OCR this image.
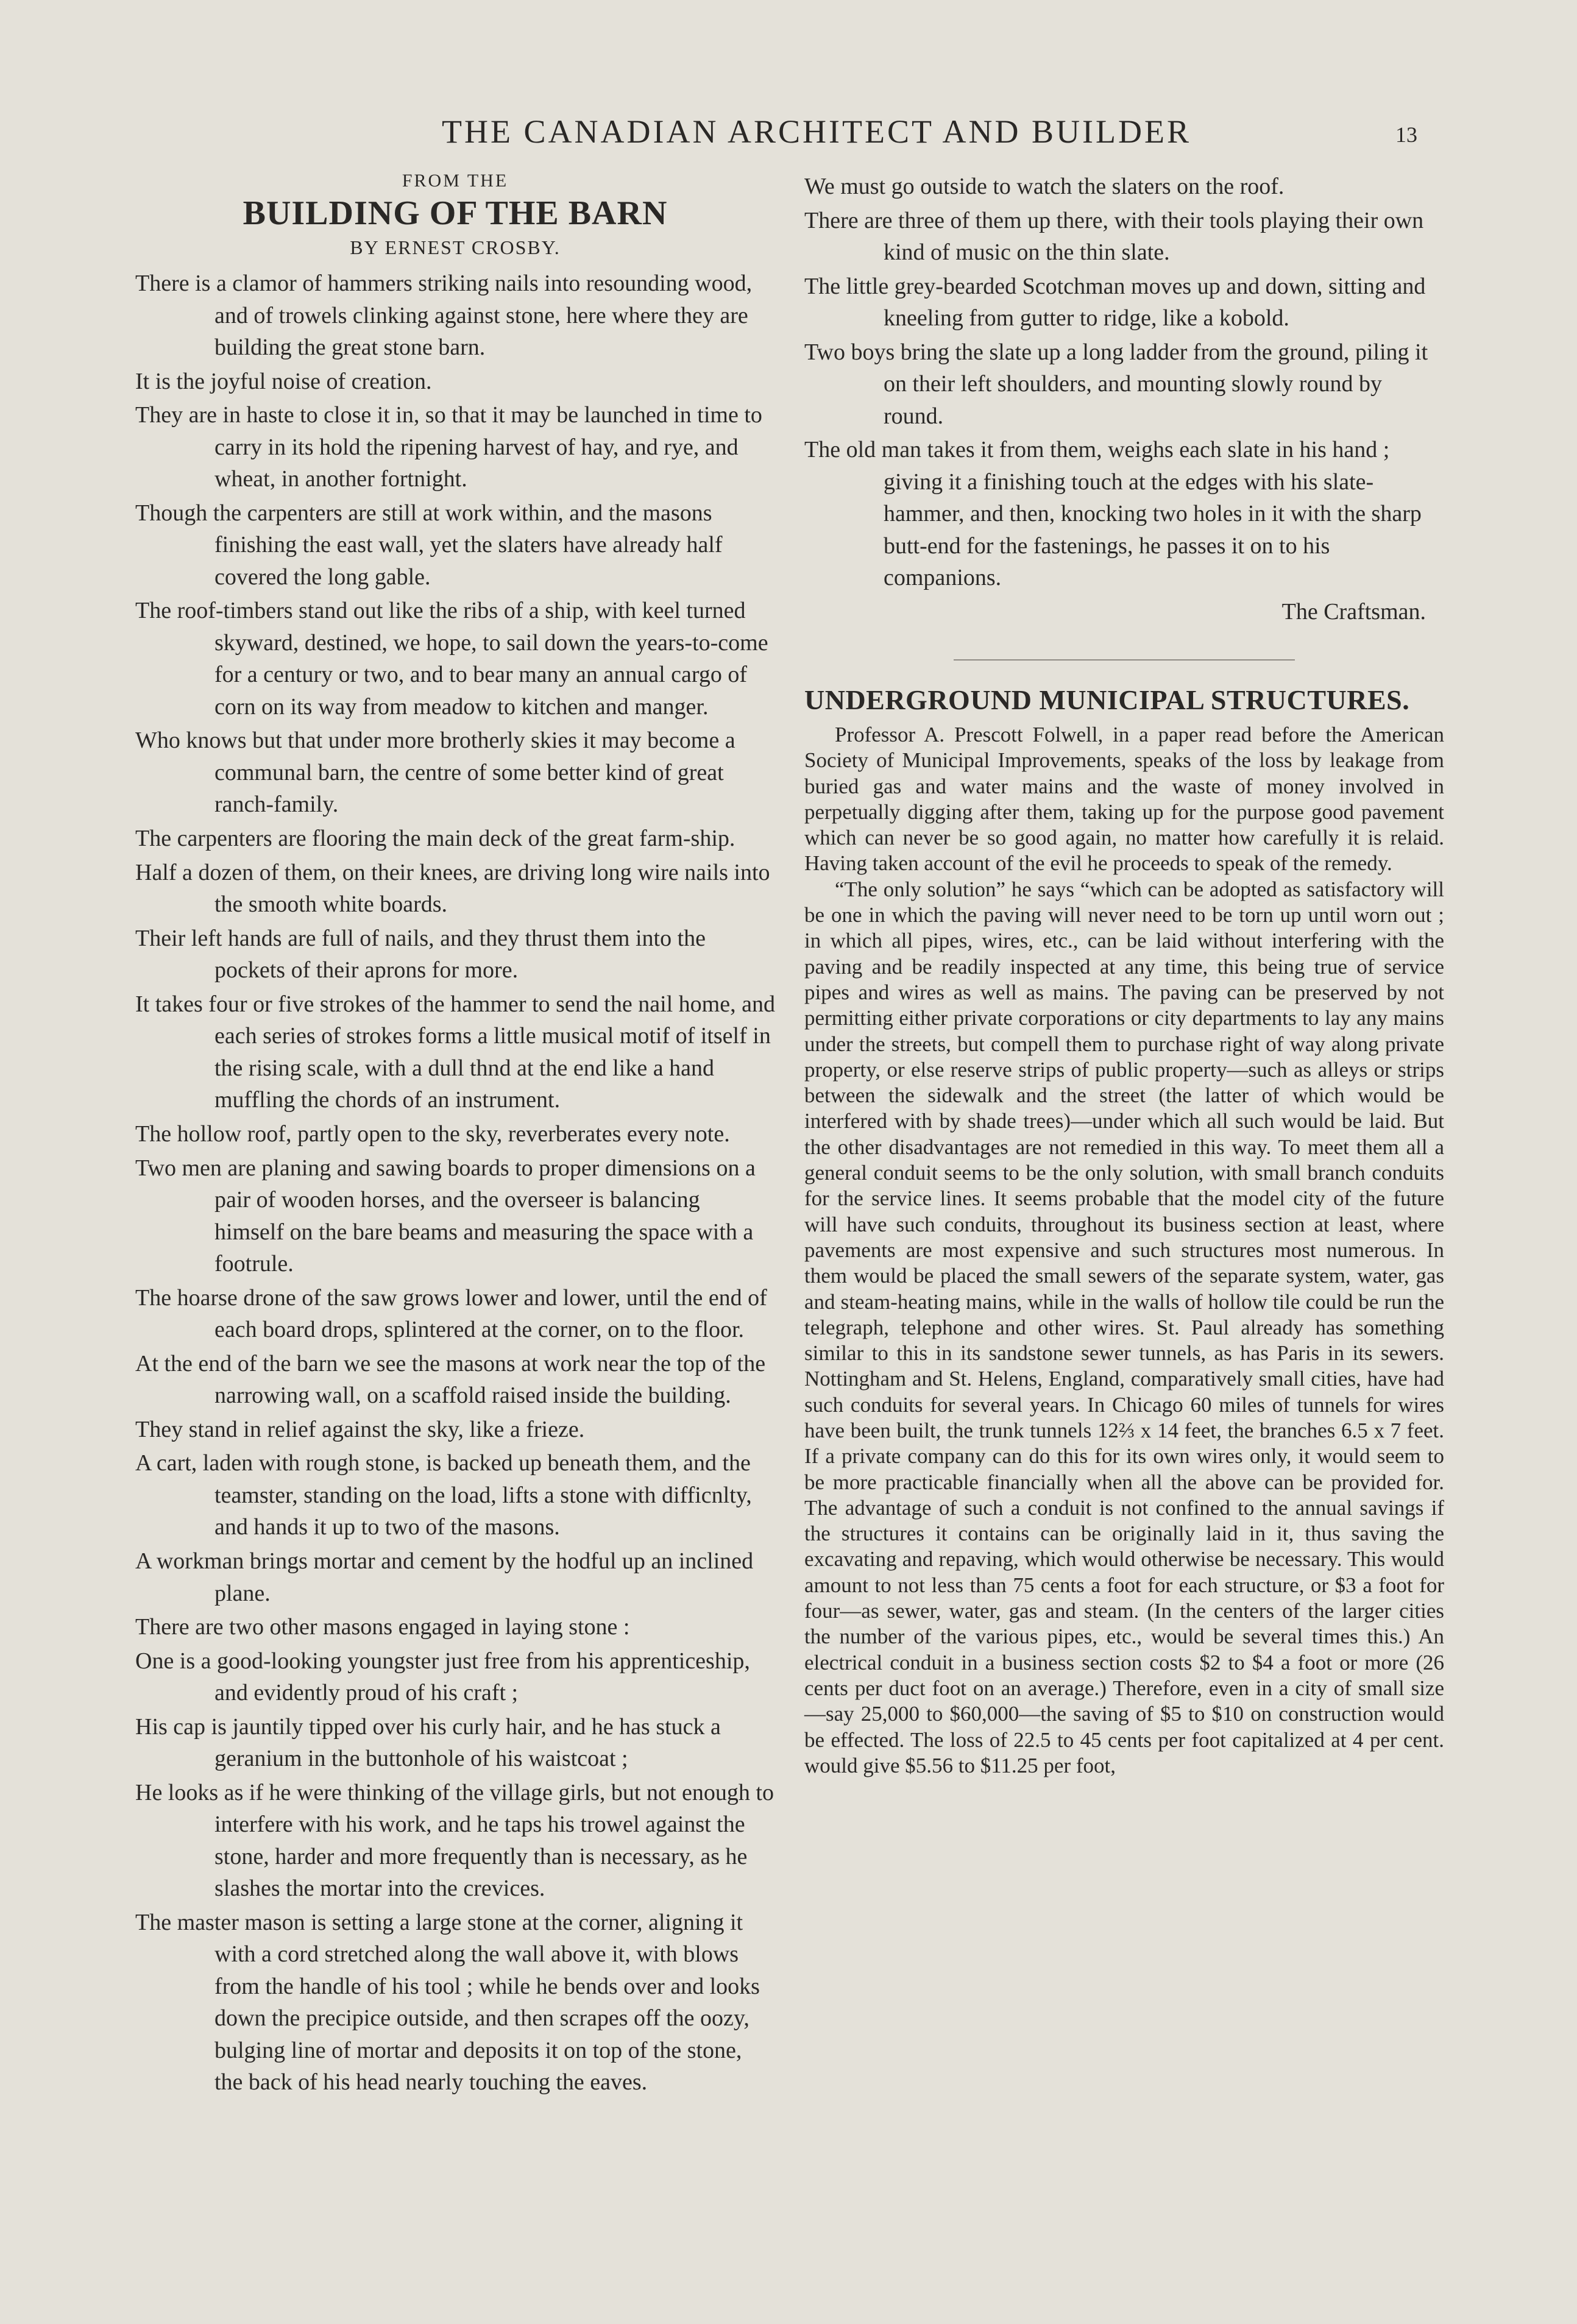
THE CANADIAN ARCHITECT AND BUILDER	13
FROM THE
BUILDING OF THE BARN
BY ERNEST CROSBY.

There is a clamor of hammers striking nails into resounding wood, and of trowels clinking against stone, here where they are building the great stone barn.

It is the joyful noise of creation.

They are in haste to close it in, so that it may be launched in time to carry in its hold the ripening harvest of hay, and rye, and wheat, in another fortnight.

Though the carpenters are still at work within, and the masons finishing the east wall, yet the slaters have already half covered the long gable.

The roof-timbers stand out like the ribs of a ship, with keel turned skyward, destined, we hope, to sail down the years-to-come for a century or two, and to bear many an annual cargo of corn on its way from meadow to kitchen and manger.

Who knows but that under more brotherly skies it may become a communal barn, the centre of some better kind of great ranch-family.

The carpenters are flooring the main deck of the great farm-ship.

Half a dozen of them, on their knees, are driving long wire nails into the smooth white boards.

Their left hands are full of nails, and they thrust them into the pockets of their aprons for more.

It takes four or five strokes of the hammer to send the nail home, and each series of strokes forms a little musical motif of itself in the rising scale, with a dull thnd at the end like a hand muffling the chords of an instrument.

The hollow roof, partly open to the sky, reverberates every note.

Two men are planing and sawing boards to proper dimensions on a pair of wooden horses, and the overseer is balancing himself on the bare beams and measuring the space with a footrule.

The hoarse drone of the saw grows lower and lower, until the end of each board drops, splintered at the corner, on to the floor.

At the end of the barn we see the masons at work near the top of the narrowing wall, on a scaffold raised inside the building.

They stand in relief against the sky, like a frieze.

A cart, laden with rough stone, is backed up beneath them, and the teamster, standing on the load, lifts a stone with difficnlty, and hands it up to two of the masons.

A workman brings mortar and cement by the hodful up an inclined plane.

There are two other masons engaged in laying stone :

One is a good-looking youngster just free from his apprenticeship, and evidently proud of his craft ;

His cap is jauntily tipped over his curly hair, and he has stuck a geranium in the buttonhole of his waistcoat ;

He looks as if he were thinking of the village girls, but not enough to interfere with his work, and he taps his trowel against the stone, harder and more frequently than is necessary, as he slashes the mortar into the crevices.

The master mason is setting a large stone at the corner, aligning it with a cord stretched along the wall above it, with blows from the handle of his tool ; while he bends over and looks down the precipice outside, and then scrapes off the oozy, bulging line of mortar and deposits it on top of the stone, the back of his head nearly touching the eaves.

We must go outside to watch the slaters on the roof.

There are three of them up there, with their tools playing their own kind of music on the thin slate.

The little grey-bearded Scotchman moves up and down, sitting and kneeling from gutter to ridge, like a kobold.

Two boys bring the slate up a long ladder from the ground, piling it on their left shoulders, and mounting slowly round by round.

The old man takes it from them, weighs each slate in his hand ; giving it a finishing touch at the edges with his slate-hammer, and then, knocking two holes in it with the sharp butt-end for the fastenings, he passes it on to his companions.

The Craftsman.
UNDERGROUND MUNICIPAL STRUCTURES.

Professor A. Prescott Folwell, in a paper read before the American Society of Municipal Improvements, speaks of the loss by leakage from buried gas and water mains and the waste of money involved in perpetually digging after them, taking up for the purpose good pavement which can never be so good again, no matter how carefully it is relaid. Having taken account of the evil he proceeds to speak of the remedy.

“The only solution” he says “which can be adopted as satisfactory will be one in which the paving will never need to be torn up until worn out ; in which all pipes, wires, etc., can be laid without interfering with the paving and be readily inspected at any time, this being true of service pipes and wires as well as mains. The paving can be preserved by not permitting either private corporations or city departments to lay any mains under the streets, but compell them to purchase right of way along private property, or else reserve strips of public property—such as alleys or strips between the sidewalk and the street (the latter of which would be interfered with by shade trees)—under which all such would be laid. But the other disadvantages are not remedied in this way. To meet them all a general conduit seems to be the only solution, with small branch conduits for the service lines. It seems probable that the model city of the future will have such conduits, throughout its business section at least, where pavements are most expensive and such structures most numerous. In them would be placed the small sewers of the separate system, water, gas and steam-heating mains, while in the walls of hollow tile could be run the telegraph, telephone and other wires. St. Paul already has something similar to this in its sandstone sewer tunnels, as has Paris in its sewers. Nottingham and St. Helens, England, comparatively small cities, have had such conduits for several years. In Chicago 60 miles of tunnels for wires have been built, the trunk tunnels 12⅔ x 14 feet, the branches 6.5 x 7 feet. If a private company can do this for its own wires only, it would seem to be more practicable financially when all the above can be provided for. The advantage of such a conduit is not confined to the annual savings if the structures it contains can be originally laid in it, thus saving the excavating and repaving, which would otherwise be necessary. This would amount to not less than 75 cents a foot for each structure, or $3 a foot for four—as sewer, water, gas and steam. (In the centers of the larger cities the number of the various pipes, etc., would be several times this.) An electrical conduit in a business section costs $2 to $4 a foot or more (26 cents per duct foot on an average.) Therefore, even in a city of small size—say 25,000 to $60,000—the saving of $5 to $10 on construction would be effected. The loss of 22.5 to 45 cents per foot capitalized at 4 per cent. would give $5.56 to $11.25 per foot,
